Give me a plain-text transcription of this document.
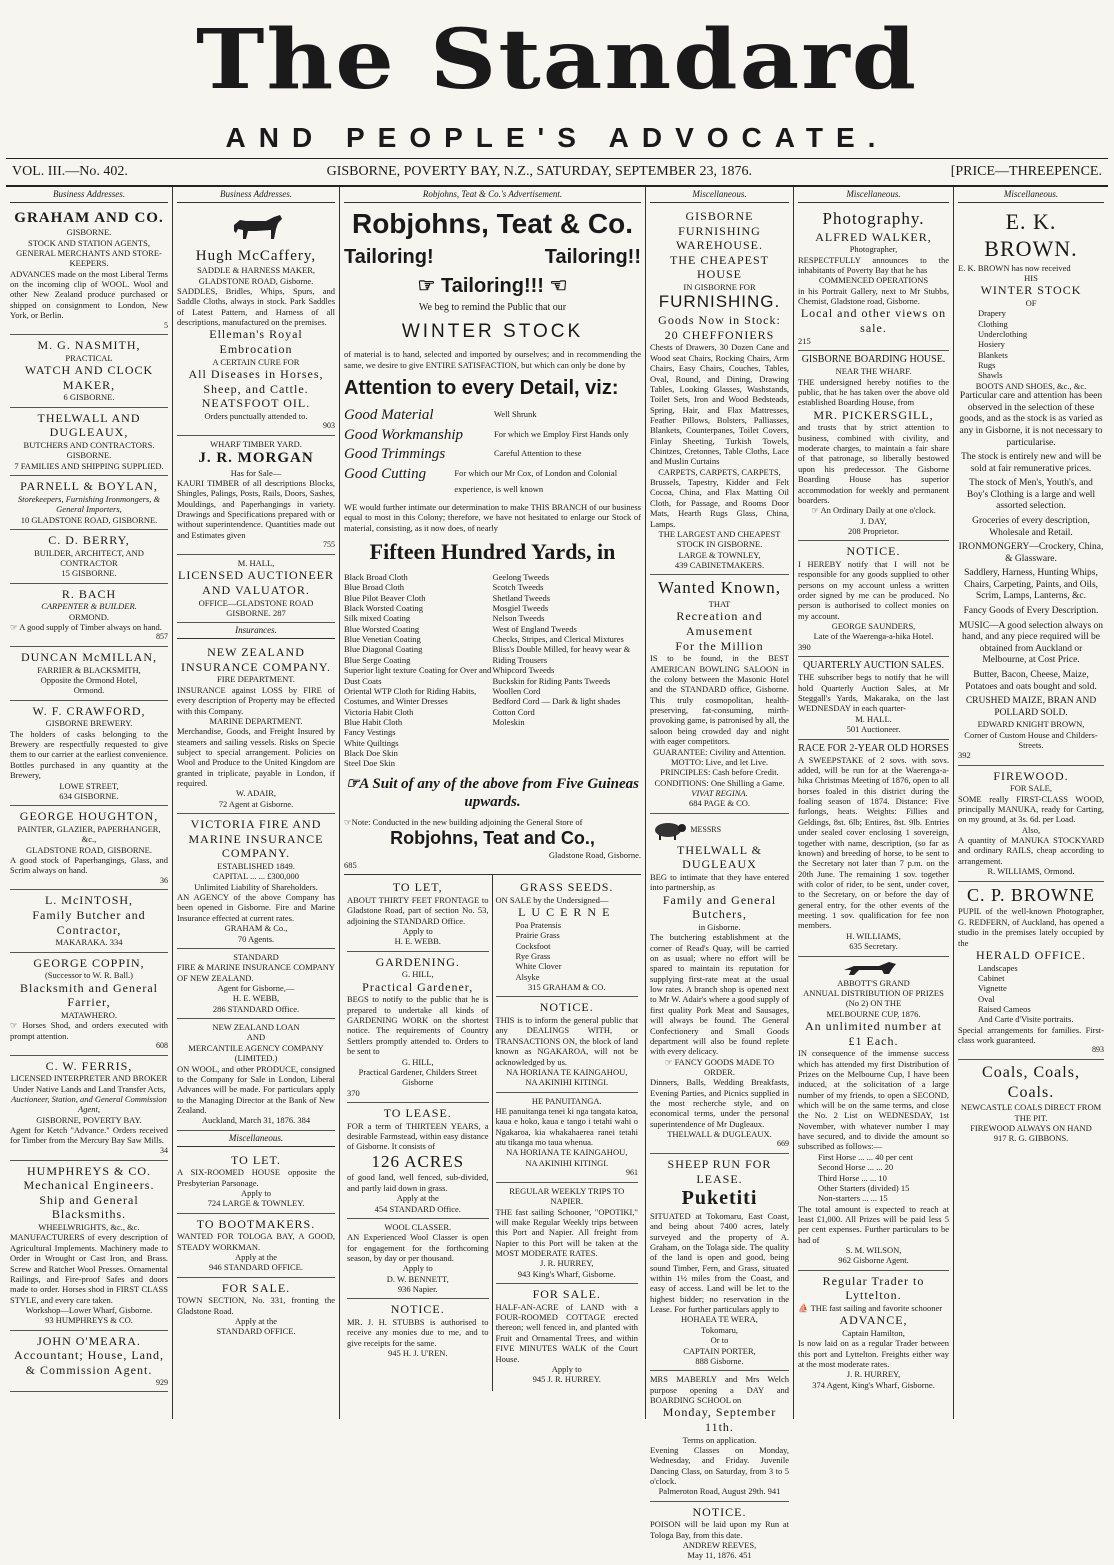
The Standard
AND PEOPLE'S ADVOCATE.
VOL. III.—No. 402.	GISBORNE, POVERTY BAY, N.Z., SATURDAY, SEPTEMBER 23, 1876.	[PRICE—THREEPENCE.
Business Addresses.
GRAHAM AND CO.
GISBORNE.
STOCK AND STATION AGENTS,
GENERAL MERCHANTS AND STORE-KEEPERS.
ADVANCES made on the most Liberal Terms on the incoming clip of WOOL. Wool and other New Zealand produce purchased or shipped on consignment to London, New York, or Berlin.
5
M. G. NASMITH,
PRACTICAL
WATCH AND CLOCK MAKER,
6 GISBORNE.
THELWALL AND DUGLEAUX,
BUTCHERS AND CONTRACTORS.
GISBORNE.
7 FAMILIES AND SHIPPING SUPPLIED.
PARNELL & BOYLAN,
Storekeepers, Furnishing Ironmongers, & General Importers,
10 GLADSTONE ROAD, GISBORNE.
C. D. BERRY,
BUILDER, ARCHITECT, AND CONTRACTOR
15 GISBORNE.
R. BACH
CARPENTER & BUILDER.
ORMOND.
☞ A good supply of Timber always on hand.
857
DUNCAN McMILLAN,
FARRIER & BLACKSMITH,
Opposite the Ormond Hotel,
Ormond.
W. F. CRAWFORD,
GISBORNE BREWERY.
The holders of casks belonging to the Brewery are respectfully requested to give them to our carrier at the earliest convenience. Bottles purchased in any quantity at the Brewery,
LOWE STREET,
634 GISBORNE.
GEORGE HOUGHTON,
PAINTER, GLAZIER, PAPERHANGER, &c.,
GLADSTONE ROAD, GISBORNE.
A good stock of Paperhangings, Glass, and Scrim always on hand.
36
L. McINTOSH,
Family Butcher and Contractor,
MAKARAKA. 334
GEORGE COPPIN,
(Successor to W. R. Ball.)
Blacksmith and General Farrier,
MATAWHERO.
☞ Horses Shod, and orders executed with prompt attention.
608
C. W. FERRIS,
LICENSED INTERPRETER AND BROKER
Under Native Lands and Land Transfer Acts,
Auctioneer, Station, and General Commission Agent,
GISBORNE, POVERTY BAY.
Agent for Ketch "Advance." Orders received for Timber from the Mercury Bay Saw Mills.
34
HUMPHREYS & CO.
Mechanical Engineers.
Ship and General Blacksmiths.
WHEELWRIGHTS, &c., &c.
MANUFACTURERS of every description of Agricultural Implements. Machinery made to Order in Wrought or Cast Iron, and Brass. Screw and Ratchet Wool Presses. Ornamental Railings, and Fire-proof Safes and doors made to order. Horses shod in FIRST CLASS STYLE, and every care taken.
Workshop—Lower Wharf, Gisborne.
93 HUMPHREYS & CO.
JOHN O'MEARA.
Accountant; House, Land, & Commission Agent.
929
Business Addresses.
Hugh McCaffery,
SADDLE & HARNESS MAKER,
GLADSTONE ROAD, Gisborne.
SADDLES, Bridles, Whips, Spurs, and Saddle Cloths, always in stock. Park Saddles of Latest Pattern, and Harness of all descriptions, manufactured on the premises.
Elleman's Royal Embrocation
A CERTAIN CURE FOR
All Diseases in Horses, Sheep, and Cattle.
NEATSFOOT OIL.
Orders punctually attended to.
903
WHARF TIMBER YARD.
J. R. MORGAN
Has for Sale—
KAURI TIMBER of all descriptions Blocks, Shingles, Palings, Posts, Rails, Doors, Sashes, Mouldings, and Paperhangings in variety. Drawings and Specifications prepared with or without superintendence. Quantities made out and Estimates given
755
M. HALL,
LICENSED AUCTIONEER AND VALUATOR.
OFFICE—GLADSTONE ROAD GISBORNE. 287
Insurances.
NEW ZEALAND INSURANCE COMPANY.
FIRE DEPARTMENT.
INSURANCE against LOSS by FIRE of every description of Property may be effected with this Company.
MARINE DEPARTMENT.
Merchandise, Goods, and Freight Insured by steamers and sailing vessels. Risks on Specie subject to special arrangement. Policies on Wool and Produce to the United Kingdom are granted in triplicate, payable in London, if required.
W. ADAIR,
72 Agent at Gisborne.
VICTORIA FIRE AND MARINE INSURANCE COMPANY.
ESTABLISHED 1849.
CAPITAL ... ... £300,000
Unlimited Liability of Shareholders.
AN AGENCY of the above Company has been opened in Gisborne. Fire and Marine Insurance effected at current rates.
GRAHAM & Co.,
70 Agents.
STANDARD
FIRE & MARINE INSURANCE COMPANY OF NEW ZEALAND.
Agent for Gisborne,—
H. E. WEBB,
286 STANDARD Office.
NEW ZEALAND LOAN
AND
MERCANTILE AGENCY COMPANY
(LIMITED.)
ON WOOL, and other PRODUCE, consigned to the Company for Sale in London, Liberal Advances will be made. For particulars apply to the Managing Director at the Bank of New Zealand.
Auckland, March 31, 1876. 384
Miscellaneous.
TO LET.
A SIX-ROOMED HOUSE opposite the Presbyterian Parsonage.
Apply to
724 LARGE & TOWNLEY.
TO BOOTMAKERS.
WANTED FOR TOLOGA BAY, A GOOD, STEADY WORKMAN.
Apply at the
946 STANDARD OFFICE.
FOR SALE.
TOWN SECTION, No. 331, fronting the Gladstone Road.
Apply at the
STANDARD OFFICE.
Robjohns, Teat & Co.'s Advertisement.
Robjohns, Teat & Co.
Tailoring!	Tailoring!!
☞ Tailoring!!! ☜
We beg to remind the Public that our
WINTER STOCK
of material is to hand, selected and imported by ourselves; and in recommending the same, we desire to give ENTIRE SATISFACTION, but which can only be done by
Attention to every Detail, viz:
Good Material	Well Shrunk
Good Workmanship	For which we Employ First Hands only
Good Trimmings	Careful Attention to these
Good Cutting	For which our Mr Cox, of London and Colonial experience, is well known
WE would further intimate our determination to make THIS BRANCH of our business equal to most in this Colony; therefore, we have not hesitated to enlarge our Stock of material, consisting, as it now does, of nearly
Fifteen Hundred Yards, in
Black Broad Cloth
Blue Broad Cloth
Blue Pilot Beaver Cloth
Black Worsted Coating
Silk mixed Coating
Blue Worsted Coating
Blue Venetian Coating
Blue Diagonal Coating
Blue Serge Coating
Superior light texture Coating for Over and Dust Coats
Oriental WTP Cloth for Riding Habits, Costumes, and Winter Dresses
Victoria Habit Cloth
Blue Habit Cloth
Fancy Vestings
White Quiltings
Black Doe Skin
Steel Doe Skin
Geelong Tweeds
Scotch Tweeds
Shetland Tweeds
Mosgiel Tweeds
Nelson Tweeds
West of England Tweeds
Checks, Stripes, and Clerical Mixtures
Bliss's Double Milled, for heavy wear & Riding Trousers
Whipcord Tweeds
Buckskin for Riding Pants Tweeds
Woollen Cord
Bedford Cord — Dark & light shades
Cotton Cord
Moleskin
☞A Suit of any of the above from Five Guineas upwards.
☞Note: Conducted in the new building adjoining the General Store of
Robjohns, Teat and Co.,
Gladstone Road, Gisborne.
685
TO LET,
ABOUT THIRTY FEET FRONTAGE to Gladstone Road, part of section No. 53, adjoining the STANDARD Office.
Apply to
H. E. WEBB.
GARDENING.
G. HILL,
Practical Gardener,
BEGS to notify to the public that he is prepared to undertake all kinds of GARDENING WORK on the shortest notice. The requirements of Country Settlers promptly attended to. Orders to be sent to
G. HILL,
Practical Gardener, Childers Street Gisborne
370
TO LEASE.
FOR a term of THIRTEEN YEARS, a desirable Farmstead, within easy distance of Gisborne. It consists of
126 ACRES
of good land, well fenced, sub-divided, and partly laid down in grass.
Apply at the
454 STANDARD Office.
WOOL CLASSER.
AN Experienced Wool Classer is open for engagement for the forthcoming season, by day or per thousand.
Apply to
D. W. BENNETT,
936 Napier.
NOTICE.
MR. J. H. STUBBS is authorised to receive any monies due to me, and to give receipts for the same.
945 H. J. U'REN.
GRASS SEEDS.
ON SALE by the Undersigned—
LUCERNE
Poa Pratensis
Prairie Grass
Cocksfoot
Rye Grass
White Clover
Alsyke
315 GRAHAM & CO.
NOTICE.
THIS is to inform the general public that any DEALINGS WITH, or TRANSACTIONS ON, the block of land known as NGAKAROA, will not be acknowledged by us.
NA HORIANA TE KAINGAHOU,
NA AKINIHI KITINGI.
HE PANUITANGA.
HE panuitanga tenei ki nga tangata katoa, kaua e hoko, kaua e tango i tetahi wahi o Ngakaroa, kia whakahaerea ranei tetahi atu tikanga mo taua whenua.
NA HORIANA TE KAINGAHOU,
NA AKINIHI KITINGI.
961
REGULAR WEEKLY TRIPS TO NAPIER.
THE fast sailing Schooner, "OPOTIKI," will make Regular Weekly trips between this Port and Napier. All freight from Napier to this Port will be taken at the MOST MODERATE RATES.
J. R. HURREY,
943 King's Wharf, Gisborne.
FOR SALE.
HALF-AN-ACRE of LAND with a FOUR-ROOMED COTTAGE erected thereon; well fenced in, and planted with Fruit and Ornamental Trees, and within FIVE MINUTES WALK of the Court House.
Apply to
945 J. R. HURREY.
Miscellaneous.
GISBORNE FURNISHING WAREHOUSE.
THE CHEAPEST HOUSE
IN GISBORNE FOR
FURNISHING.
Goods Now in Stock:
20 CHEFFONIERS
Chests of Drawers, 30 Dozen Cane and Wood seat Chairs, Rocking Chairs, Arm Chairs, Easy Chairs, Couches, Tables, Oval, Round, and Dining, Drawing Tables, Looking Glasses, Washstands, Toilet Sets, Iron and Wood Bedsteads, Spring, Hair, and Flax Mattresses, Feather Pillows, Bolsters, Palliasses, Blankets, Counterpanes, Toilet Covers, Finlay Sheeting, Turkish Towels, Chintzes, Cretonnes, Table Cloths, Lace and Muslin Curtains
CARPETS, CARPETS, CARPETS,
Brussels, Tapestry, Kidder and Felt Cocoa, China, and Flax Matting Oil Cloth, for Passage, and Rooms Door Mats, Hearth Rugs Glass, China, Lamps.
THE LARGEST AND CHEAPEST STOCK IN GISBORNE.
LARGE & TOWNLEY,
439 CABINETMAKERS.
Wanted Known,
THAT
Recreation and Amusement
For the Million
IS to be found, in the BEST AMERICAN BOWLING SALOON in the colony between the Masonic Hotel and the STANDARD office, Gisborne. This truly cosmopolitan, health-preserving, fat-consuming, mirth-provoking game, is patronised by all, the saloon being crowded day and night with eager competitors.
GUARANTEE: Civility and Attention.
MOTTO: Live, and let Live.
PRINCIPLES: Cash before Credit.
CONDITIONS: One Shilling a Game.
VIVAT REGINA.
684 PAGE & CO.
MESSRS
THELWALL & DUGLEAUX
BEG to intimate that they have entered into partnership, as
Family and General Butchers,
in Gisborne.
The butchering establishment at the corner of Read's Quay, will be carried on as usual; where no effort will be spared to maintain its reputation for supplying first-rate meat at the usual low rates. A branch shop is opened next to Mr W. Adair's where a good supply of first quality Pork Meat and Sausages, will always be found. The General Confectionery and Small Goods department will also be found replete with every delicacy.
☞ FANCY GOODS MADE TO ORDER.
Dinners, Balls, Wedding Breakfasts, Evening Parties, and Picnics supplied in the most recherche style, and on economical terms, under the personal superintendence of Mr Dugleaux.
THELWALL & DUGLEAUX.
669
SHEEP RUN FOR LEASE.
Puketiti
SITUATED at Tokomaru, East Coast, and being about 7400 acres, lately surveyed and the property of A. Graham, on the Tolaga side. The quality of the land is open and good, being sound Timber, Fern, and Grass, situated within 1½ miles from the Coast, and easy of access. Land will be let to the highest bidder; no reservation in the Lease. For further particulars apply to
HOHAEA TE WERA,
Tokomaru,
Or to
CAPTAIN PORTER,
888 Gisborne.
MRS MABERLY and Mrs Welch purpose opening a DAY and BOARDING SCHOOL on
Monday, September 11th.
Terms on application.
Evening Classes on Monday, Wednesday, and Friday. Juvenile Dancing Class, on Saturday, from 3 to 5 o'clock.
Palmeroton Road, August 29th. 941
NOTICE.
POISON will be laid upon my Run at Tologa Bay, from this date.
ANDREW REEVES,
May 11, 1876. 451
Miscellaneous.
Photography.
ALFRED WALKER,
Photographer,
RESPECTFULLY announces to the inhabitants of Poverty Bay that he has
COMMENCED OPERATIONS
in his Portrait Gallery, next to Mr Stubbs, Chemist, Gladstone road, Gisborne.
Local and other views on sale.
215
GISBORNE BOARDING HOUSE.
NEAR THE WHARF.
THE undersigned hereby notifies to the public, that he has taken over the above old established Boarding House, from
MR. PICKERSGILL,
and trusts that by strict attention to business, combined with civility, and moderate charges, to maintain a fair share of that patronage, so liberally bestowed upon his predecessor. The Gisborne Boarding House has superior accommodation for weekly and permanent boarders.
☞ An Ordinary Daily at one o'clock.
J. DAY,
208 Proprietor.
NOTICE.
I HEREBY notify that I will not be responsible for any goods supplied to other persons on my account unless a written order signed by me can be produced. No person is authorised to collect monies on my account.
GEORGE SAUNDERS,
Late of the Waerenga-a-hika Hotel.
390
QUARTERLY AUCTION SALES.
THE subscriber begs to notify that he will hold Quarterly Auction Sales, at Mr Steggall's Yards, Makaraka, on the last WEDNESDAY in each quarter-
M. HALL.
501 Auctioneer.
RACE FOR 2-YEAR OLD HORSES
A SWEEPSTAKE of 2 sovs. with sovs. added, will be run for at the Waerenga-a-hika Christmas Meeting of 1876, open to all horses foaled in this district during the foaling season of 1874. Distance: Five furlongs, heats. Weights: Fillies and Geldings, 8st. 6lb; Entires, 8st. 9lb. Entries under sealed cover enclosing 1 sovereign, together with name, description, (so far as known) and breeding of horse, to be sent to the Secretary not later than 7 p.m. on the 20th June. The remaining 1 sov. together with color of rider, to be sent, under cover, to the Secretary, on or before the day of general entry, for the other events of the meeting. 1 sov. qualification for fee non members.
H. WILLIAMS,
635 Secretary.
ABBOTT'S GRAND
ANNUAL DISTRIBUTION OF PRIZES
(No 2) ON THE
MELBOURNE CUP, 1876.
An unlimited number at £1 Each.
IN consequence of the immense success which has attended my first Distribution of Prizes on the Melbourne Cup, I have been induced, at the solicitation of a large number of my friends, to open a SECOND, which will be on the same terms, and close the No. 2 List on WEDNESDAY, 1st November, with whatever number I may have secured, and to divide the amount so subscribed as follows:—
First Horse ... ... 40 per cent
Second Horse ... ... 20
Third Horse ... ... 10
Other Starters (divided) 15
Non-starters ... ... 15
The total amount is expected to reach at least £1,000. All Prizes will be paid less 5 per cent expenses. Further particulars to be had of
S. M. WILSON,
962 Gisborne Agent.
Regular Trader to Lyttelton.
⛵ THE fast sailing and favorite schooner
ADVANCE,
Captain Hamilton,
Is now laid on as a regular Trader between this port and Lyttelton. Freights either way at the most moderate rates.
J. R. HURREY,
374 Agent, King's Wharf, Gisborne.
Miscellaneous.
E. K. BROWN.
E. K. BROWN has now received
HIS
WINTER STOCK
OF
Drapery
Clothing
Underclothing
Hosiery
Blankets
Rugs
Shawls
BOOTS AND SHOES, &c., &c.
Particular care and attention has been observed in the selection of these goods, and as the stock is as varied as any in Gisborne, it is not necessary to particularise.
The stock is entirely new and will be sold at fair remunerative prices.
The stock of Men's, Youth's, and Boy's Clothing is a large and well assorted selection.
Groceries of every description, Wholesale and Retail.
IRONMONGERY—Crockery, China, & Glassware.
Saddlery, Harness, Hunting Whips, Chairs, Carpeting, Paints, and Oils, Scrim, Lamps, Lanterns, &c.
Fancy Goods of Every Description.
MUSIC—A good selection always on hand, and any piece required will be obtained from Auckland or Melbourne, at Cost Price.
Butter, Bacon, Cheese, Maize, Potatoes and oats bought and sold.
CRUSHED MAIZE, BRAN AND POLLARD SOLD.
EDWARD KNIGHT BROWN,
Corner of Custom House and Childers-Streets.
392
FIREWOOD.
FOR SALE,
SOME really FIRST-CLASS WOOD, principally MANUKA, ready for Carting, on my ground, at 3s. 6d. per Load.
Also,
A quantity of MANUKA STOCKYARD and ordinary RAILS, cheap according to arrangement.
R. WILLIAMS, Ormond.
C. P. BROWNE
PUPIL of the well-known Photographer, G. REDFERN, of Auckland, has opened a studio in the premises lately occupied by the
HERALD OFFICE.
Landscapes
Cabinet
Vignette
Oval
Raised Cameos
And Carte d'Visite portraits.
Special arrangements for families. First-class work guaranteed.
893
Coals, Coals, Coals.
NEWCASTLE COALS DIRECT FROM THE PIT.
FIREWOOD ALWAYS ON HAND
917 R. G. GIBBONS.
